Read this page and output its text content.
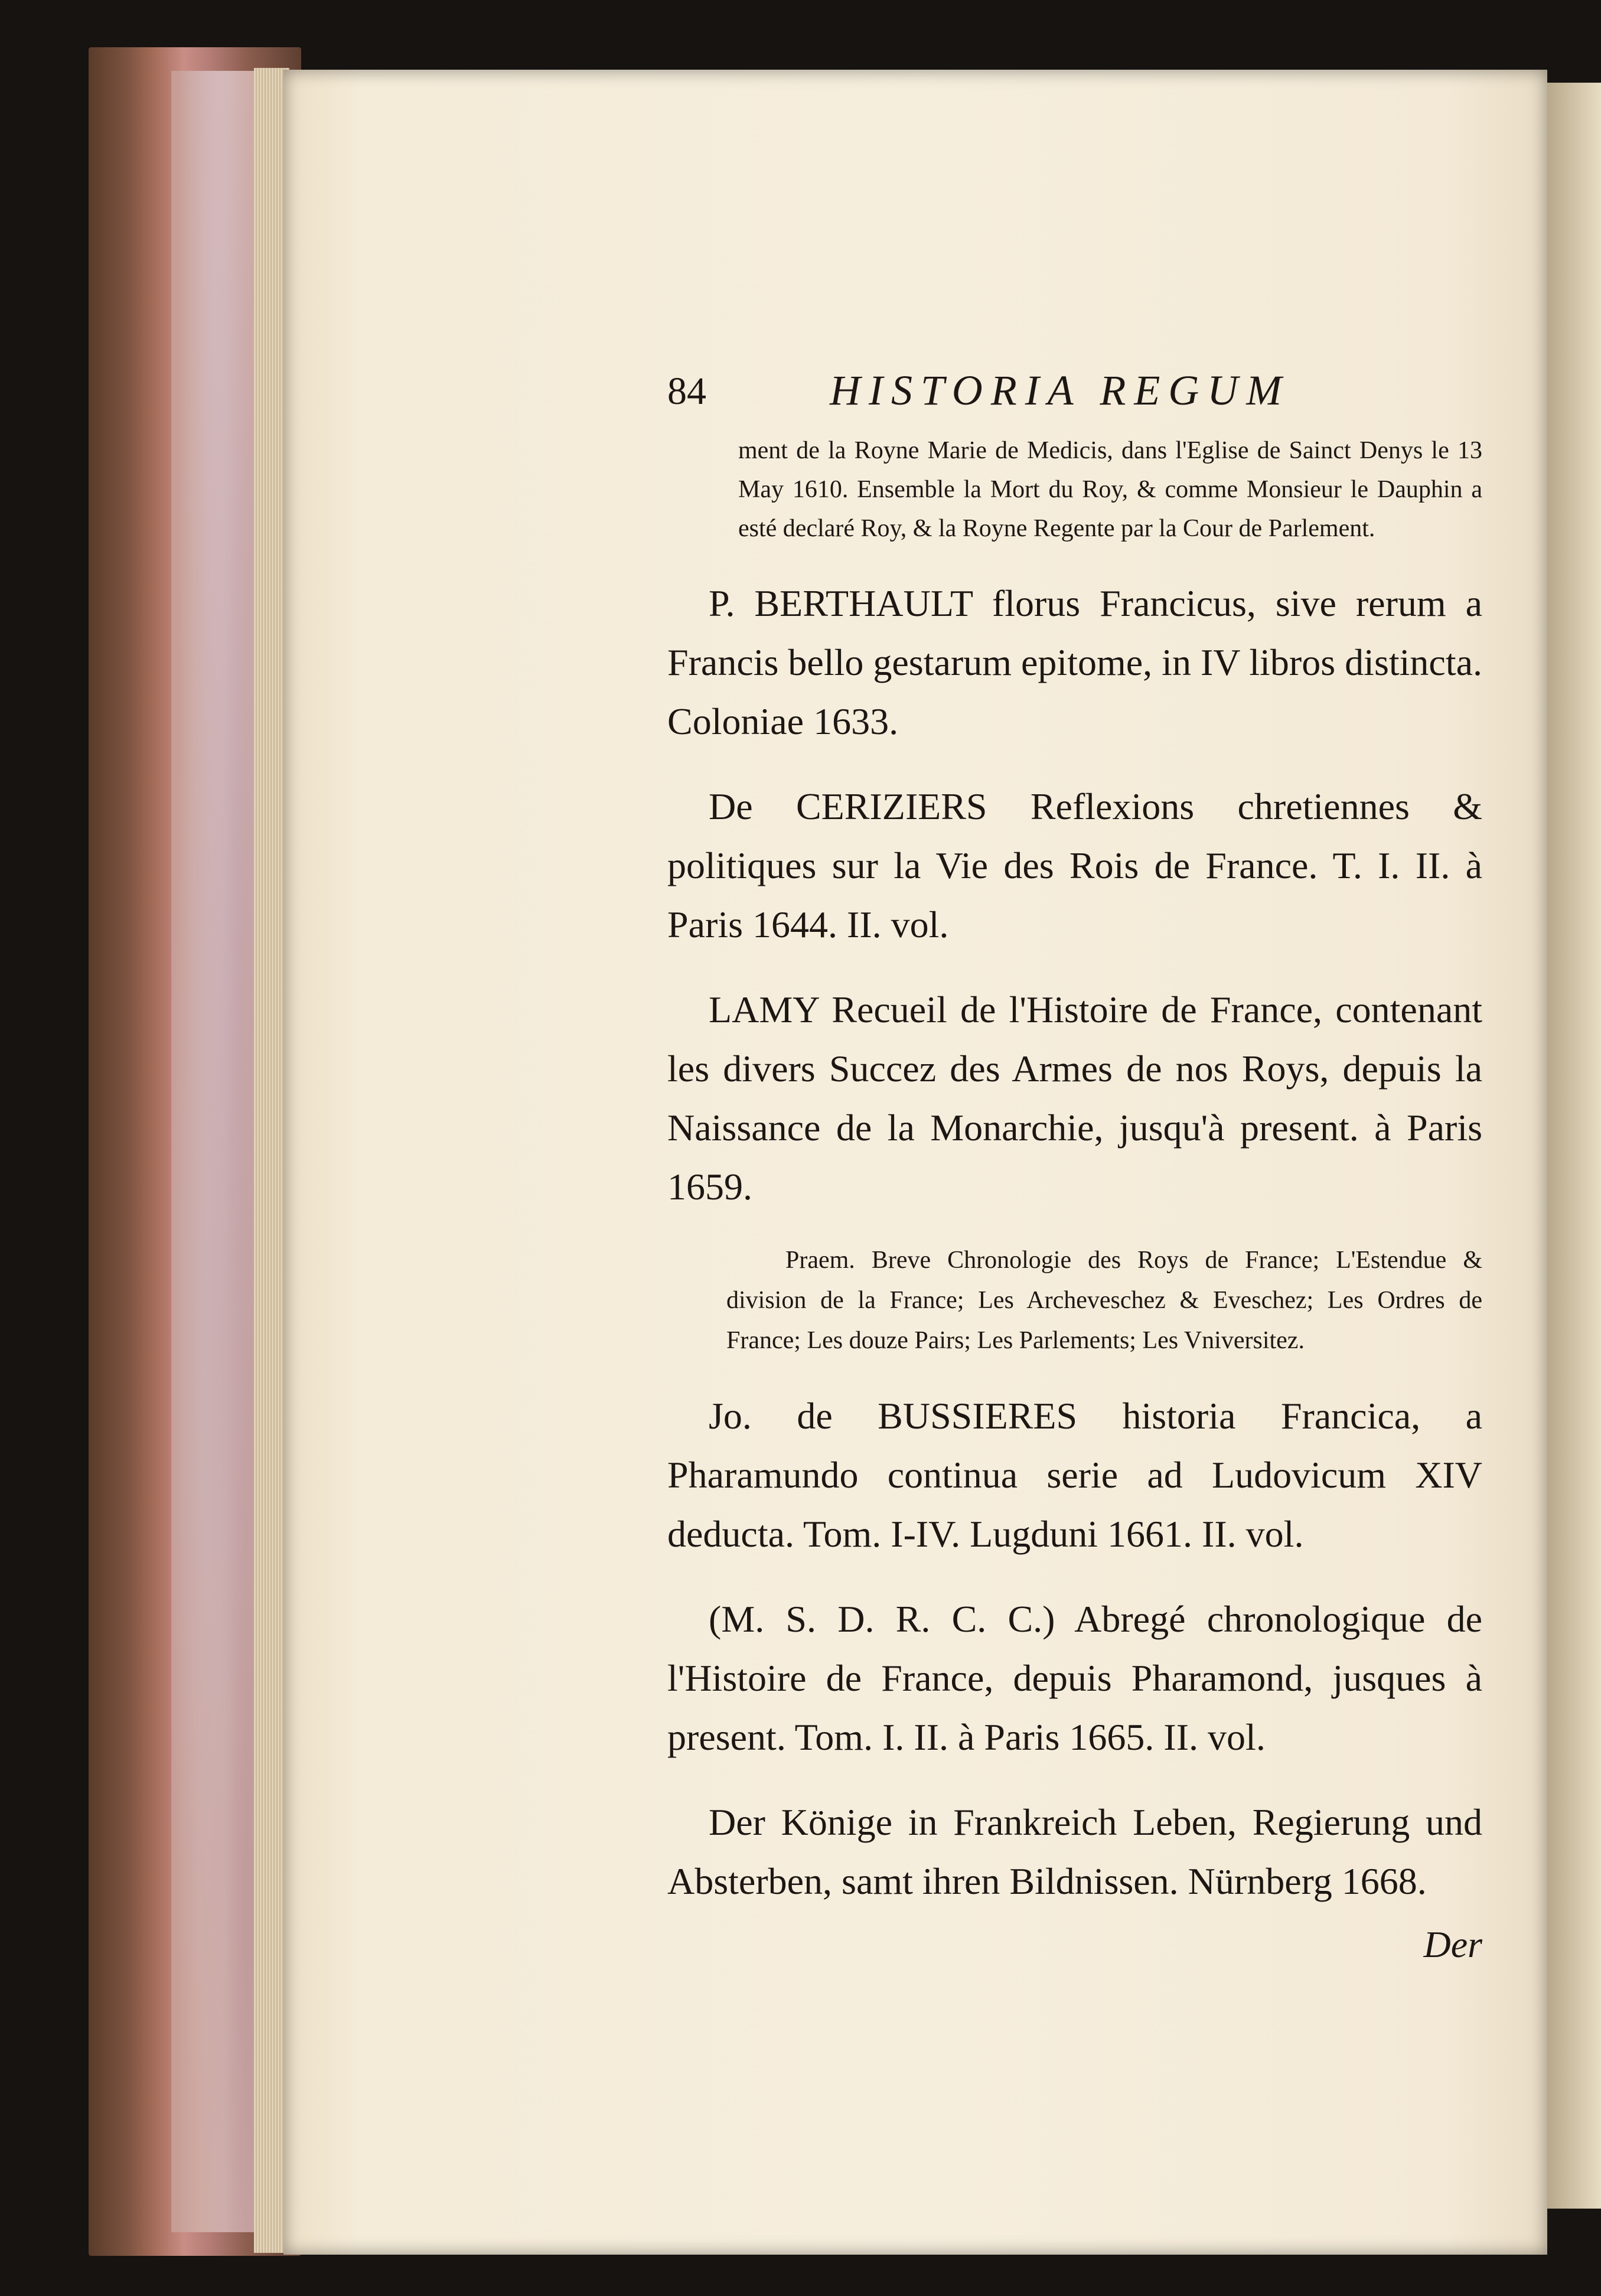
84	HISTORIA REGUM

ment de la Royne Marie de Medicis, dans l'Eglise de Sainct Denys le 13 May 1610. Ensemble la Mort du Roy, & comme Monsieur le Dauphin a esté declaré Roy, & la Royne Regente par la Cour de Parlement.

P. BERTHAULT florus Francicus, sive rerum a Francis bello gestarum epitome, in IV libros distincta. Coloniae 1633.

De CERIZIERS Reflexions chretiennes & politiques sur la Vie des Rois de France. T. I. II. à Paris 1644. II. vol.

LAMY Recueil de l'Histoire de France, contenant les divers Succez des Armes de nos Roys, depuis la Naissance de la Monarchie, jusqu'à present. à Paris 1659.

Praem. Breve Chronologie des Roys de France; L'Estendue & division de la France; Les Archeveschez & Eveschez; Les Ordres de France; Les douze Pairs; Les Parlements; Les Vniversitez.

Jo. de BUSSIERES historia Francica, a Pharamundo continua serie ad Ludovicum XIV deducta. Tom. I-IV. Lugduni 1661. II. vol.

(M. S. D. R. C. C.) Abregé chronologique de l'Histoire de France, depuis Pharamond, jusques à present. Tom. I. II. à Paris 1665. II. vol.

Der Könige in Frankreich Leben, Regierung und Absterben, samt ihren Bildnissen. Nürnberg 1668.

Der
